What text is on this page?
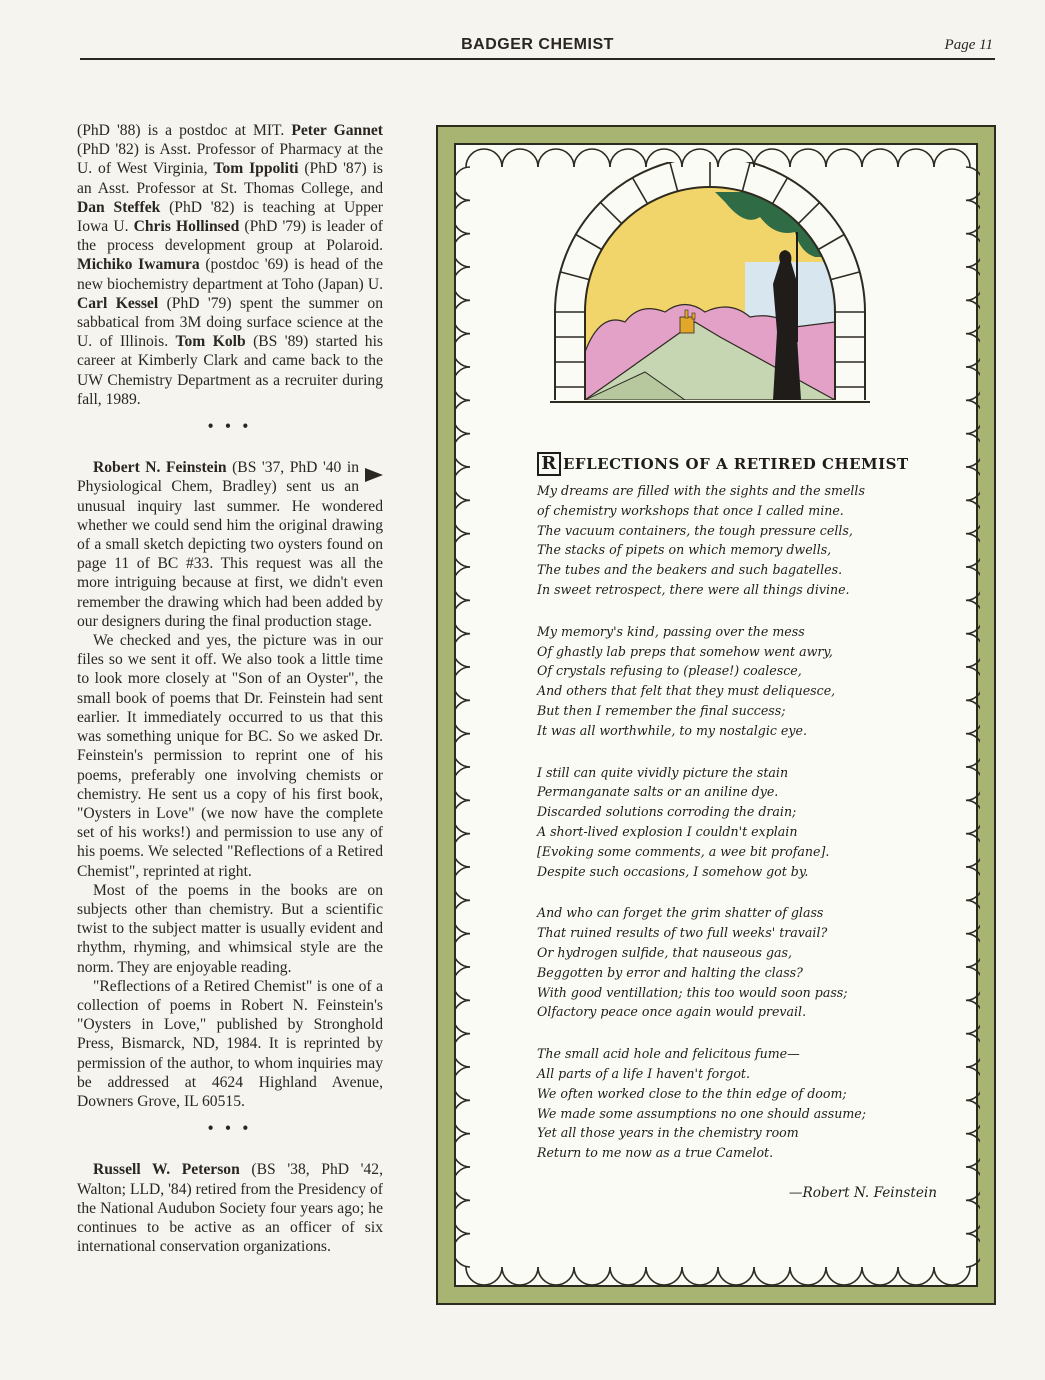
BADGER CHEMIST	Page 11

(PhD '88) is a postdoc at MIT. Peter Gannet (PhD '82) is Asst. Professor of Pharmacy at the U. of West Virginia, Tom Ippoliti (PhD '87) is an Asst. Professor at St. Thomas College, and Dan Steffek (PhD '82) is teaching at Upper Iowa U. Chris Hollinsed (PhD '79) is leader of the process development group at Polaroid. Michiko Iwamura (postdoc '69) is head of the new biochemistry department at Toho (Japan) U. Carl Kessel (PhD '79) spent the summer on sabbatical from 3M doing surface science at the U. of Illinois. Tom Kolb (BS '89) started his career at Kimberly Clark and came back to the UW Chemistry Department as a recruiter during fall, 1989.

• • •

Robert N. Feinstein
(BS '37, PhD '40 in Physiological Chem, Bradley) sent us an unusual inquiry last summer. He wondered whether we could send him the original drawing of a small sketch depicting two oysters found on page 11 of BC #33. This request was all the more intriguing because at first, we didn't even remember the drawing which had been added by our designers during the final production stage.

We checked and yes, the picture was in our files so we sent it off. We also took a little time to look more closely at "Son of an Oyster", the small book of poems that Dr. Feinstein had sent earlier. It immediately occurred to us that this was something unique for BC. So we asked Dr. Feinstein's permission to reprint one of his poems, preferably one involving chemists or chemistry. He sent us a copy of his first book, "Oysters in Love" (we now have the complete set of his works!) and permission to use any of his poems. We selected "Reflections of a Retired Chemist", reprinted at right.

Most of the poems in the books are on subjects other than chemistry. But a scientific twist to the subject matter is usually evident and rhythm, rhyming, and whimsical style are the norm. They are enjoyable reading.

"Reflections of a Retired Chemist" is one of a collection of poems in Robert N. Feinstein's "Oysters in Love," published by Stronghold Press, Bismarck, ND, 1984. It is reprinted by permission of the author, to whom inquiries may be addressed at 4624 Highland Avenue, Downers Grove, IL 60515.

• • •

Russell W. Peterson (BS '38, PhD '42, Walton; LLD, '84) retired from the Presidency of the National Audubon Society four years ago; he continues to be active as an officer of six international conservation organizations.

R EFLECTIONS OF A RETIRED CHEMIST
My dreams are filled with the sights and the smells
of chemistry workshops that once I called mine.
The vacuum containers, the tough pressure cells,
The stacks of pipets on which memory dwells,
The tubes and the beakers and such bagatelles.
In sweet retrospect, there were all things divine.
My memory's kind, passing over the mess
Of ghastly lab preps that somehow went awry,
Of crystals refusing to (please!) coalesce,
And others that felt that they must deliquesce,
But then I remember the final success;
It was all worthwhile, to my nostalgic eye.
I still can quite vividly picture the stain
Permanganate salts or an aniline dye.
Discarded solutions corroding the drain;
A short-lived explosion I couldn't explain
[Evoking some comments, a wee bit profane].
Despite such occasions, I somehow got by.
And who can forget the grim shatter of glass
That ruined results of two full weeks' travail?
Or hydrogen sulfide, that nauseous gas,
Beggotten by error and halting the class?
With good ventillation; this too would soon pass;
Olfactory peace once again would prevail.
The small acid hole and felicitous fume—
All parts of a life I haven't forgot.
We often worked close to the thin edge of doom;
We made some assumptions no one should assume;
Yet all those years in the chemistry room
Return to me now as a true Camelot.
—Robert N. Feinstein
